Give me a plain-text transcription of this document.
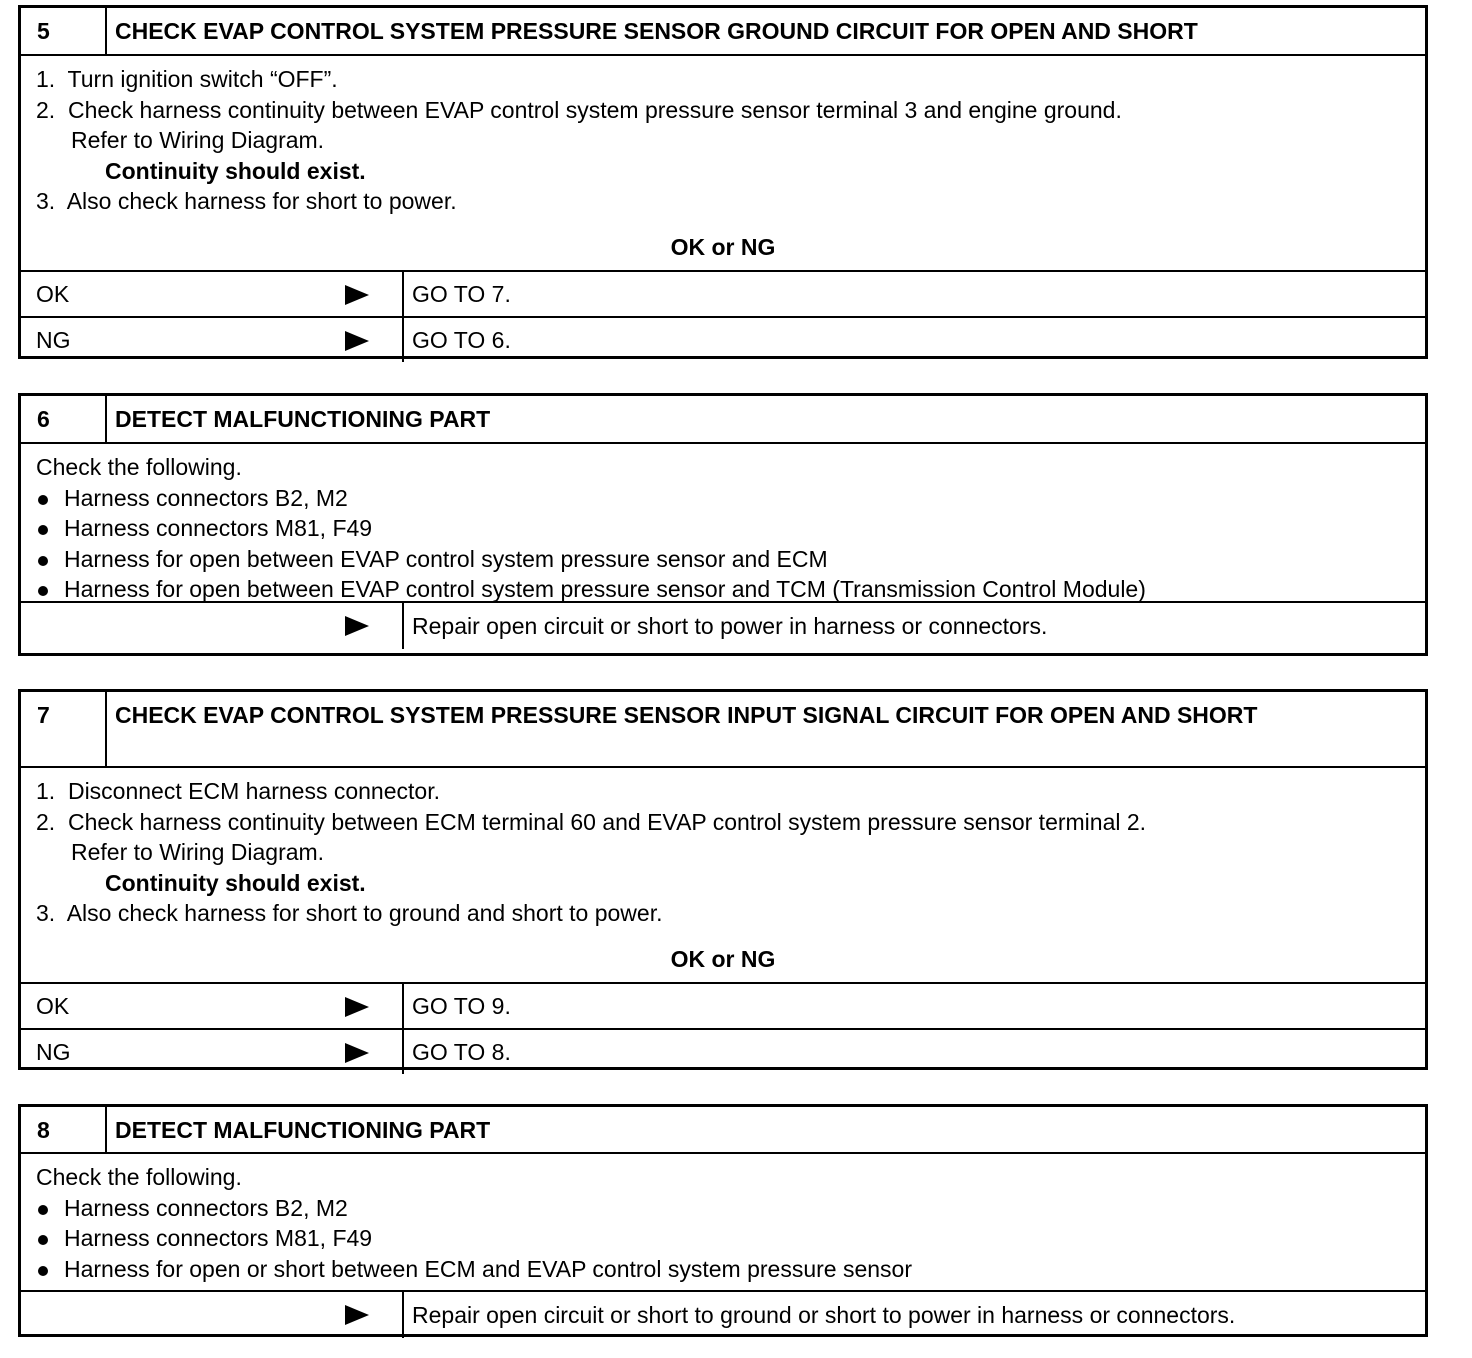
5	CHECK EVAP CONTROL SYSTEM PRESSURE SENSOR GROUND CIRCUIT FOR OPEN AND SHORT
1.  Turn ignition switch “OFF”.
2.  Check harness continuity between EVAP control system pressure sensor terminal 3 and engine ground.
Refer to Wiring Diagram.
Continuity should exist.
3.  Also check harness for short to power.
OK or NG
OK	GO TO 7.
NG	GO TO 6.
6	DETECT MALFUNCTIONING PART
Check the following.
Harness connectors B2, M2
Harness connectors M81, F49
Harness for open between EVAP control system pressure sensor and ECM
Harness for open between EVAP control system pressure sensor and TCM (Transmission Control Module)
Repair open circuit or short to power in harness or connectors.
7	CHECK EVAP CONTROL SYSTEM PRESSURE SENSOR INPUT SIGNAL CIRCUIT FOR OPEN AND SHORT
1.  Disconnect ECM harness connector.
2.  Check harness continuity between ECM terminal 60 and EVAP control system pressure sensor terminal 2.
Refer to Wiring Diagram.
Continuity should exist.
3.  Also check harness for short to ground and short to power.
OK or NG
OK	GO TO 9.
NG	GO TO 8.
8	DETECT MALFUNCTIONING PART
Check the following.
Harness connectors B2, M2
Harness connectors M81, F49
Harness for open or short between ECM and EVAP control system pressure sensor
Repair open circuit or short to ground or short to power in harness or connectors.
